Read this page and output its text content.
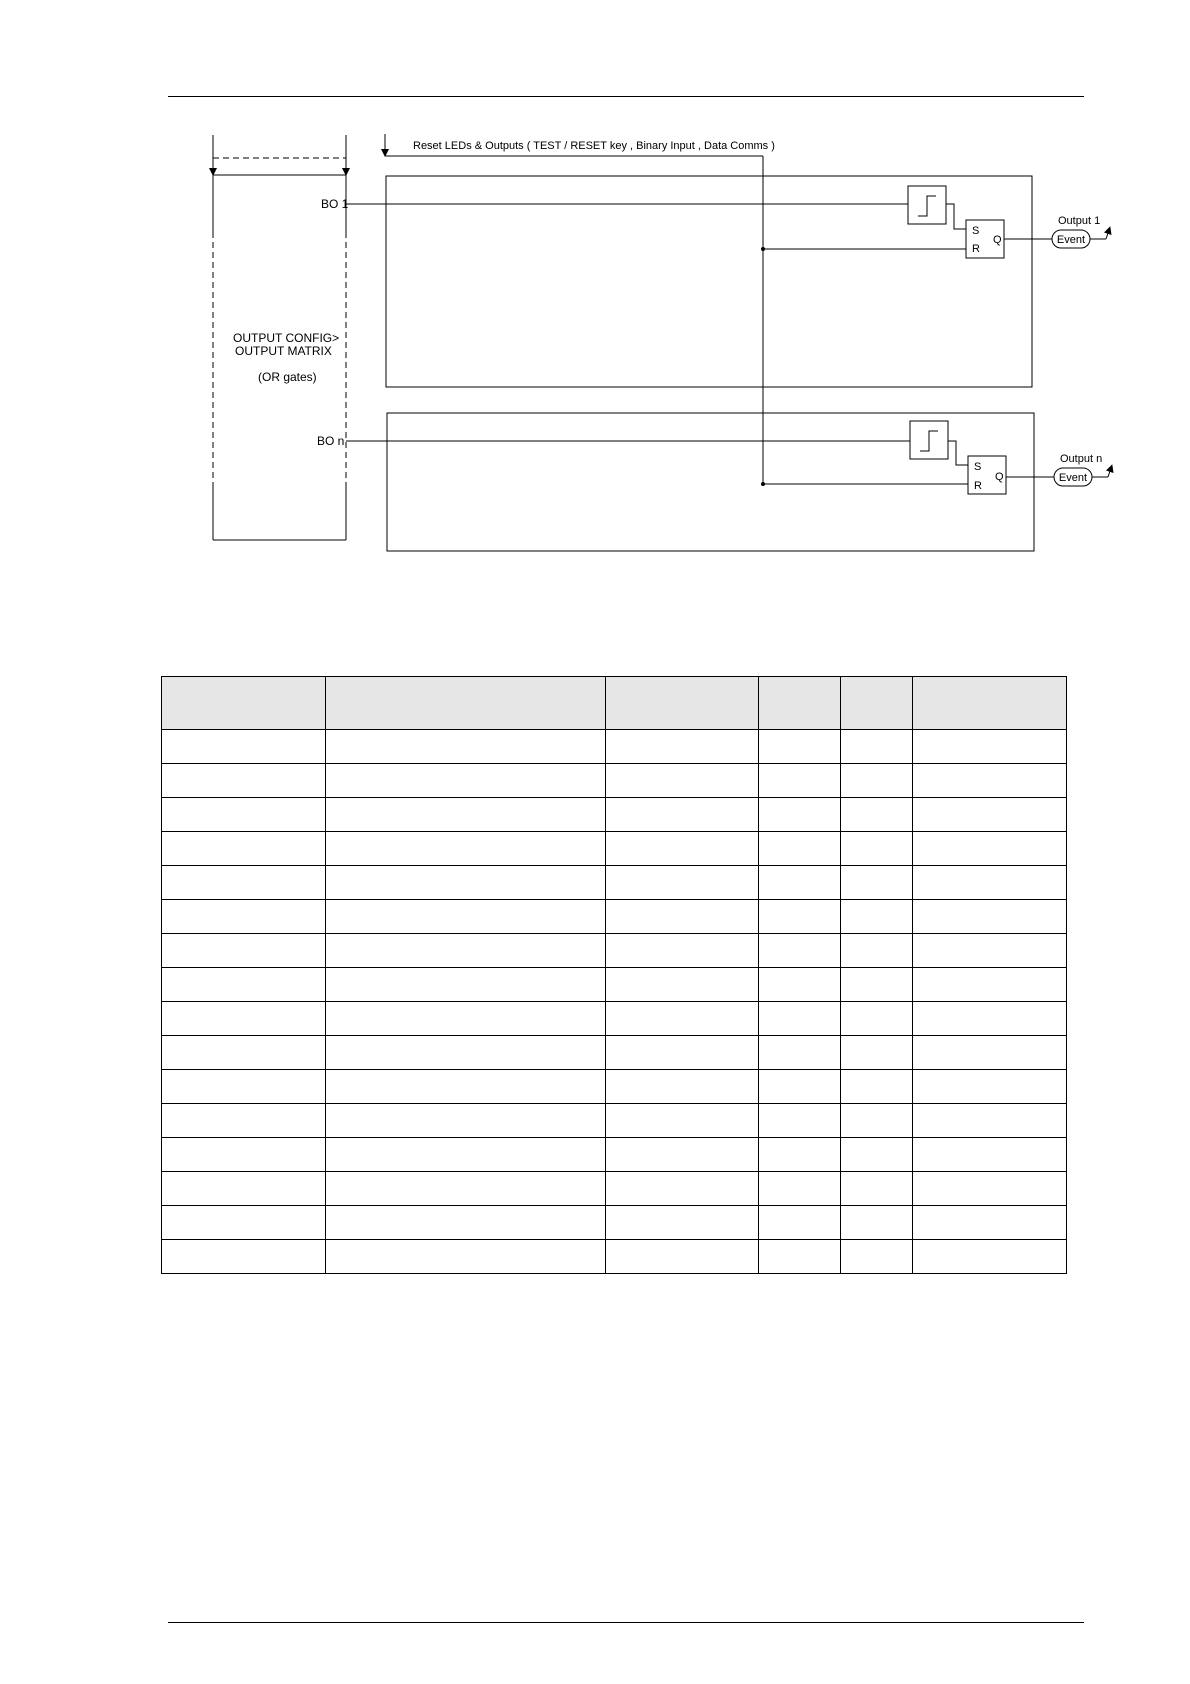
OUTPUT CONFIG>
OUTPUT MATRIX
(OR gates)
Reset LEDs & Outputs ( TEST / RESET key , Binary Input , Data Comms )
BO 1
S
R
Q	Event
Output 1
BO n
S
R
Q	Event
Output n
